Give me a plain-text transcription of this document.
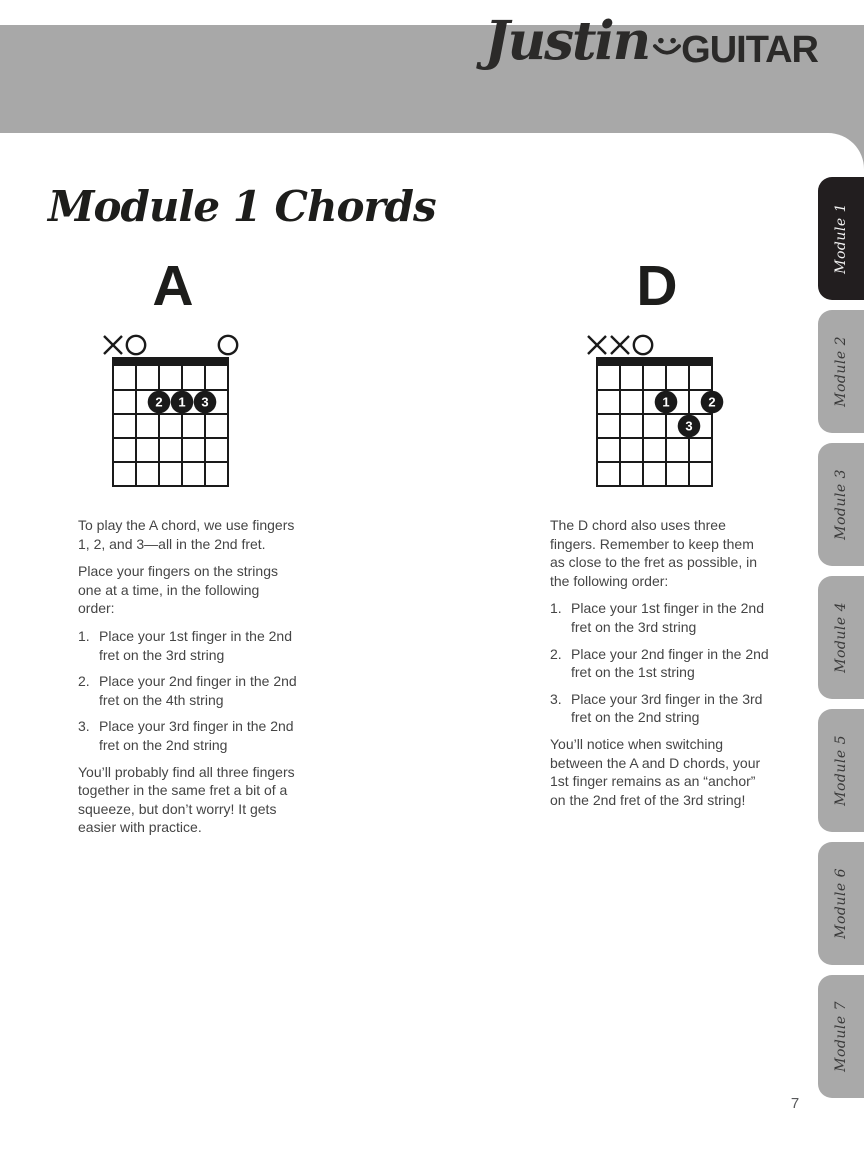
Justin GUITAR
Module 1 Chords
A
2 1 3

To play the A chord, we use fingers 1, 2, and 3—all in the 2nd fret.

Place your fingers on the strings one at a time, in the following order:

1. Place your 1st finger in the 2nd fret on the 3rd string
2. Place your 2nd finger in the 2nd fret on the 4th string
3. Place your 3rd finger in the 2nd fret on the 2nd string

You’ll probably find all three fingers together in the same fret a bit of a squeeze, but don’t worry! It gets easier with practice.

D
1	2
3

The D chord also uses three fingers. Remember to keep them as close to the fret as possible, in the following order:

1. Place your 1st finger in the 2nd fret on the 3rd string
2. Place your 2nd finger in the 2nd fret on the 1st string
3. Place your 3rd finger in the 3rd fret on the 2nd string

You’ll notice when switching between the A and D chords, your 1st finger remains as an “anchor” on the 2nd fret of the 3rd string!

Module 1
Module 2
Module 3
Module 4
Module 5
Module 6
Module 7
7
